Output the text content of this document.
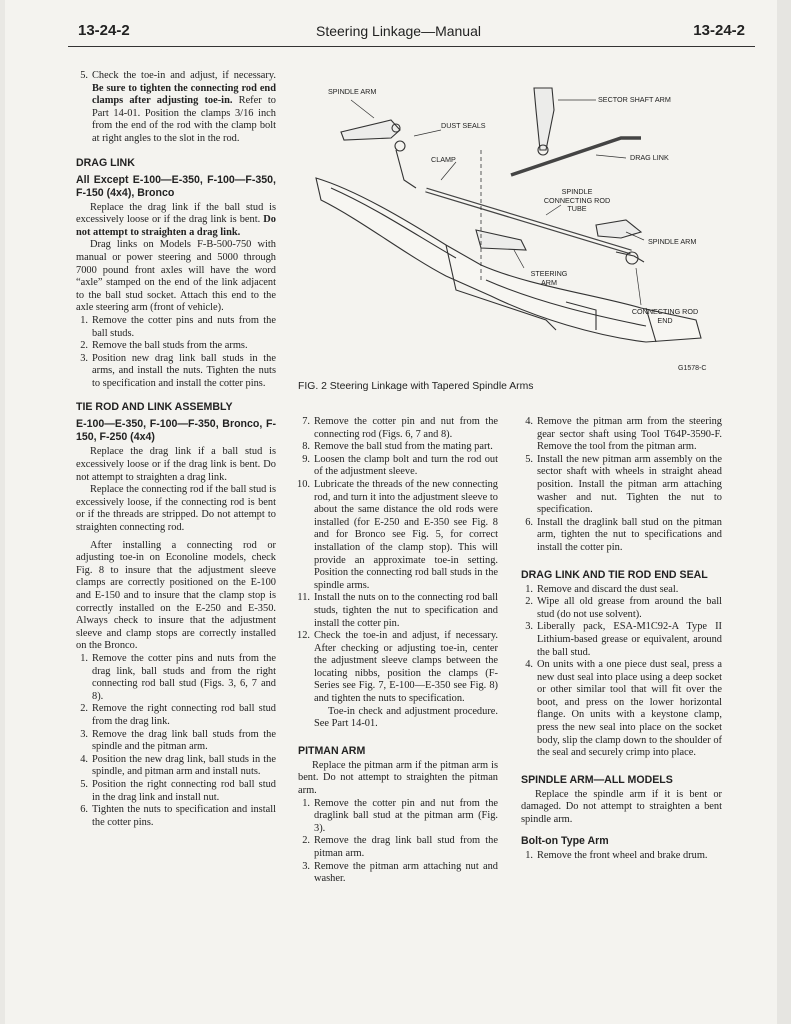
13-24-2	Steering Linkage—Manual	13-24-2
5. Check the toe-in and adjust, if necessary. Be sure to tighten the connecting rod end clamps after adjusting toe-in. Refer to Part 14-01. Position the clamps 3/16 inch from the end of the rod with the clamp bolt at right angles to the slot in the rod.
DRAG LINK
All Except E-100—E-350, F-100—F-350, F-150 (4x4), Bronco

Replace the drag link if the ball stud is excessively loose or if the drag link is bent. Do not attempt to straighten a drag link.

Drag links on Models F-B-500-750 with manual or power steering and 5000 through 7000 pound front axles will have the word “axle” stamped on the end of the link adjacent to the ball stud socket. Attach this end to the axle steering arm (front of vehicle).

1. Remove the cotter pins and nuts from the ball studs.
2. Remove the ball studs from the arms.
3. Position new drag link ball studs in the arms, and install the nuts. Tighten the nuts to specification and install the cotter pins.
TIE ROD AND LINK ASSEMBLY
E-100—E-350, F-100—F-350, Bronco, F-150, F-250 (4x4)

Replace the drag link if a ball stud is excessively loose or if the drag link is bent. Do not attempt to straighten a drag link.

Replace the connecting rod if the ball stud is excessively loose, if the connecting rod is bent or if the threads are stripped. Do not attempt to straighten connecting rod.

After installing a connecting rod or adjusting toe-in on Econoline models, check Fig. 8 to insure that the adjustment sleeve clamps are correctly positioned on the E-100 and E-150 and to insure that the clamp stop is correctly installed on the E-250 and E-350. Always check to insure that the adjustment sleeve and clamp stops are correctly installed on the Bronco.

1. Remove the cotter pins and nuts from the drag link, ball studs and from the right connecting rod ball stud (Figs. 3, 6, 7 and 8).
2. Remove the right connecting rod ball stud from the drag link.
3. Remove the drag link ball studs from the spindle and the pitman arm.
4. Position the new drag link, ball studs in the spindle, and pitman arm and install nuts.
5. Position the right connecting rod ball stud in the drag link and install nut.
6. Tighten the nuts to specification and install the cotter pins.
SPINDLE ARM
DUST SEALS
CLAMP
SECTOR SHAFT ARM
DRAG LINK
SPINDLE CONNECTING ROD TUBE
SPINDLE ARM
STEERING ARM
CONNECTING ROD END
G1578-C
FIG. 2 Steering Linkage with Tapered Spindle Arms
7. Remove the cotter pin and nut from the connecting rod (Figs. 6, 7 and 8).
8. Remove the ball stud from the mating part.
9. Loosen the clamp bolt and turn the rod out of the adjustment sleeve.
10. Lubricate the threads of the new connecting rod, and turn it into the adjustment sleeve to about the same distance the old rods were installed (for E-250 and E-350 see Fig. 8 and for Bronco see Fig. 5, for correct installation of the clamp stop). This will provide an approximate toe-in setting. Position the connecting rod ball studs in the spindle arms.
11. Install the nuts on to the connecting rod ball studs, tighten the nut to specification and install the cotter pin.
12. Check the toe-in and adjust, if necessary. After checking or adjusting toe-in, center the adjustment sleeve clamps between the locating nibbs, position the clamps (F-Series see Fig. 7, E-100—E-350 see Fig. 8) and tighten the nuts to specification.

Toe-in check and adjustment procedure. See Part 14-01.

PITMAN ARM

Replace the pitman arm if the pitman arm is bent. Do not attempt to straighten the pitman arm.

1. Remove the cotter pin and nut from the draglink ball stud at the pitman arm (Fig. 3).
2. Remove the drag link ball stud from the pitman arm.
3. Remove the pitman arm attaching nut and washer.
4. Remove the pitman arm from the steering gear sector shaft using Tool T64P-3590-F. Remove the tool from the pitman arm.
5. Install the new pitman arm assembly on the sector shaft with wheels in straight ahead position. Install the pitman arm attaching washer and nut. Tighten the nut to specification.
6. Install the draglink ball stud on the pitman arm, tighten the nut to specifications and install the cotter pin.
DRAG LINK AND TIE ROD END SEAL
1. Remove and discard the dust seal.
2. Wipe all old grease from around the ball stud (do not use solvent).
3. Liberally pack, ESA-M1C92-A Type II Lithium-based grease or equivalent, around the ball stud.
4. On units with a one piece dust seal, press a new dust seal into place using a deep socket or other similar tool that will fit over the boot, and press on the lower horizontal flange. On units with a keystone clamp, press the new seal into place on the socket body, slip the clamp down to the shoulder of the seal and securely crimp into place.
SPINDLE ARM—ALL MODELS

Replace the spindle arm if it is bent or damaged. Do not attempt to straighten a bent spindle arm.

Bolt-on Type Arm
1. Remove the front wheel and brake drum.
